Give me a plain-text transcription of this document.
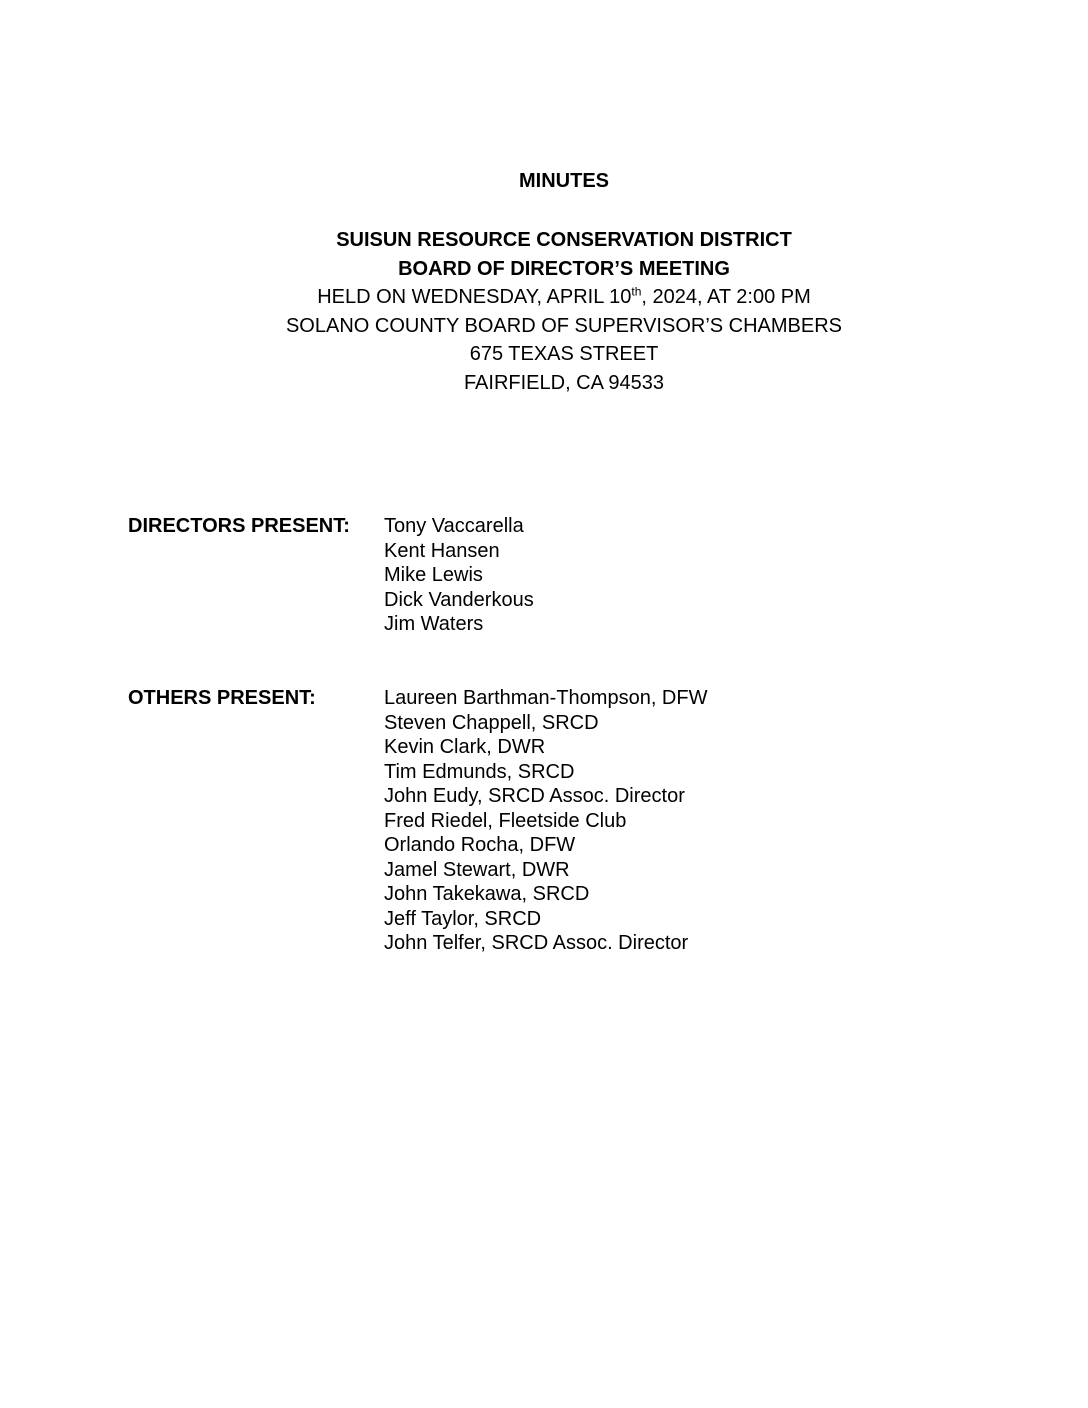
MINUTES
SUISUN RESOURCE CONSERVATION DISTRICT
BOARD OF DIRECTOR’S MEETING
HELD ON WEDNESDAY, APRIL 10th, 2024, AT 2:00 PM
SOLANO COUNTY BOARD OF SUPERVISOR’S CHAMBERS
675 TEXAS STREET
FAIRFIELD, CA 94533
DIRECTORS PRESENT: Tony Vaccarella
Kent Hansen
Mike Lewis
Dick Vanderkous
Jim Waters
OTHERS PRESENT:	Laureen Barthman-Thompson, DFW
Steven Chappell, SRCD
Kevin Clark, DWR
Tim Edmunds, SRCD
John Eudy, SRCD Assoc. Director
Fred Riedel, Fleetside Club
Orlando Rocha, DFW
Jamel Stewart, DWR
John Takekawa, SRCD
Jeff Taylor, SRCD
John Telfer, SRCD Assoc. Director
